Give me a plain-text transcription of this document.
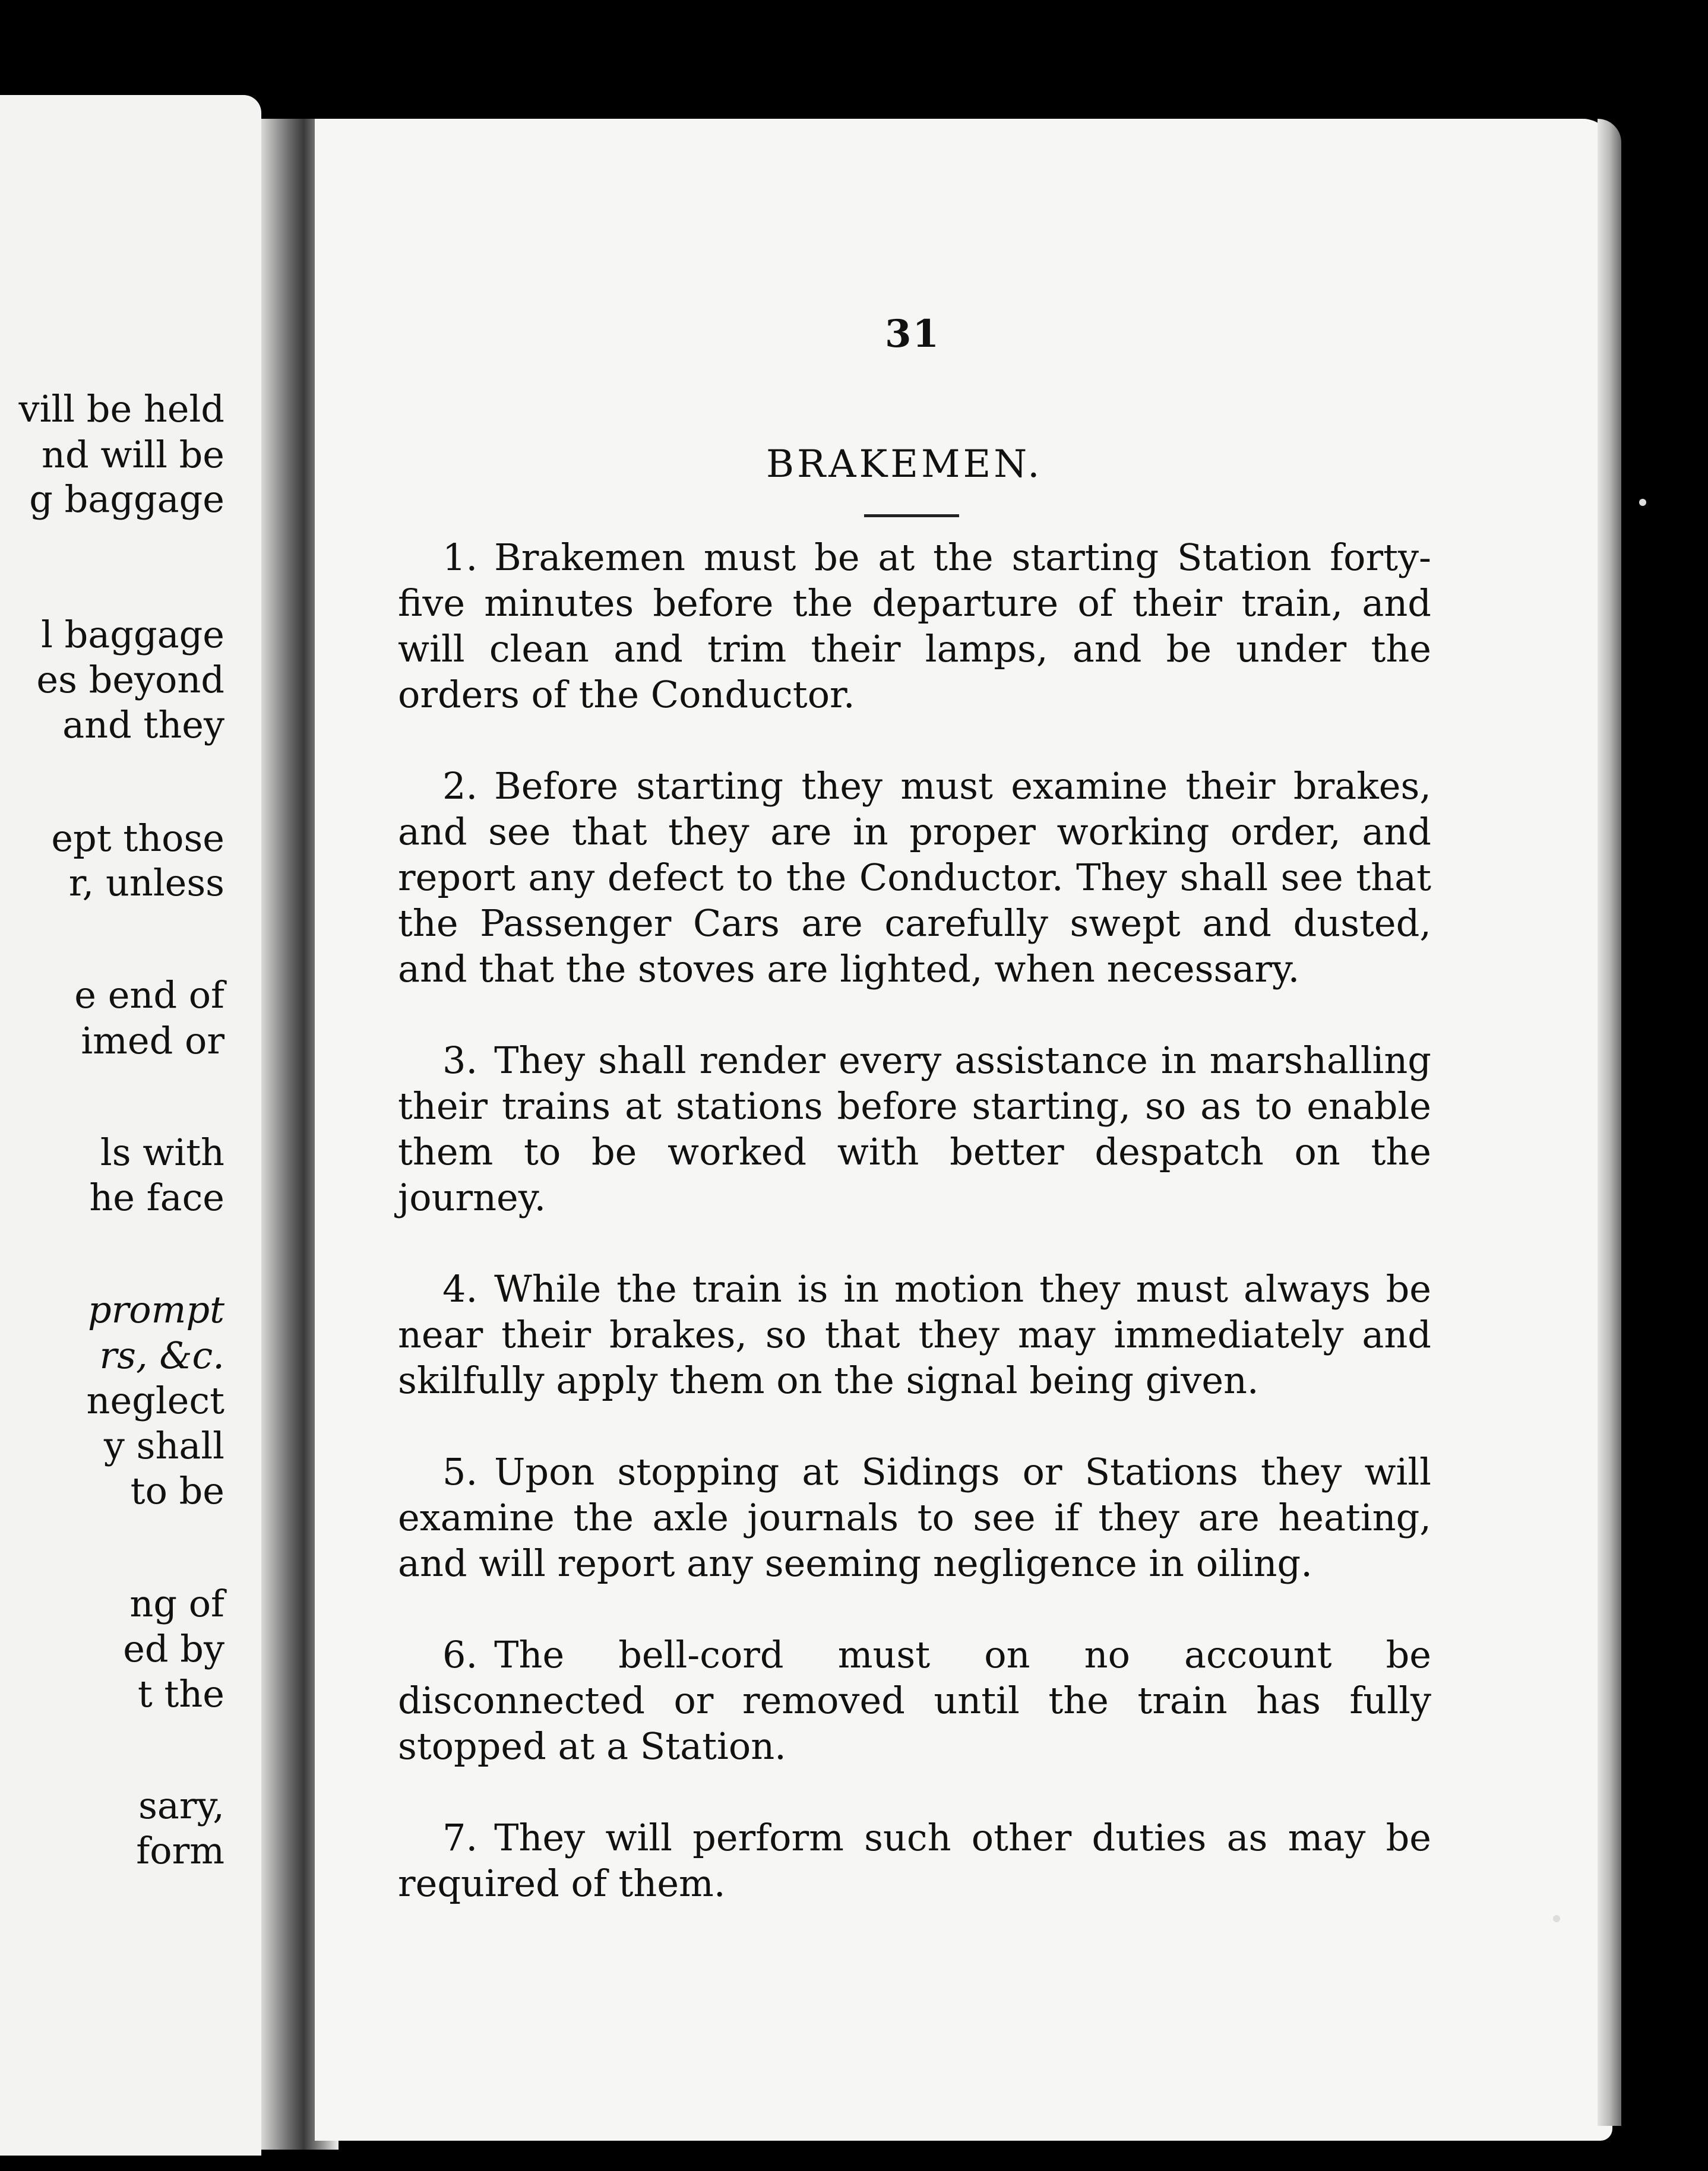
vill be held
nd will be
g baggage
l baggage
es beyond
and they
ept those
r, unless
e end of
imed or
ls with
he face
prompt
rs, &c.
neglect
y shall
to be
ng of
ed by
t the
sary,
form
31
BRAKEMEN.

1. Brakemen must be at the starting Station forty-five minutes before the departure of their train, and will clean and trim their lamps, and be under the orders of the Conductor.

2. Before starting they must examine their brakes, and see that they are in proper working order, and report any defect to the Conductor. They shall see that the Passenger Cars are carefully swept and dusted, and that the stoves are lighted, when necessary.

3. They shall render every assistance in marshalling their trains at stations before starting, so as to enable them to be worked with better despatch on the journey.

4. While the train is in motion they must always be near their brakes, so that they may immediately and skilfully apply them on the signal being given.

5. Upon stopping at Sidings or Stations they will examine the axle journals to see if they are heating, and will report any seeming negligence in oiling.

6. The bell-cord must on no account be disconnected or removed until the train has fully stopped at a Station.

7. They will perform such other duties as may be required of them.
